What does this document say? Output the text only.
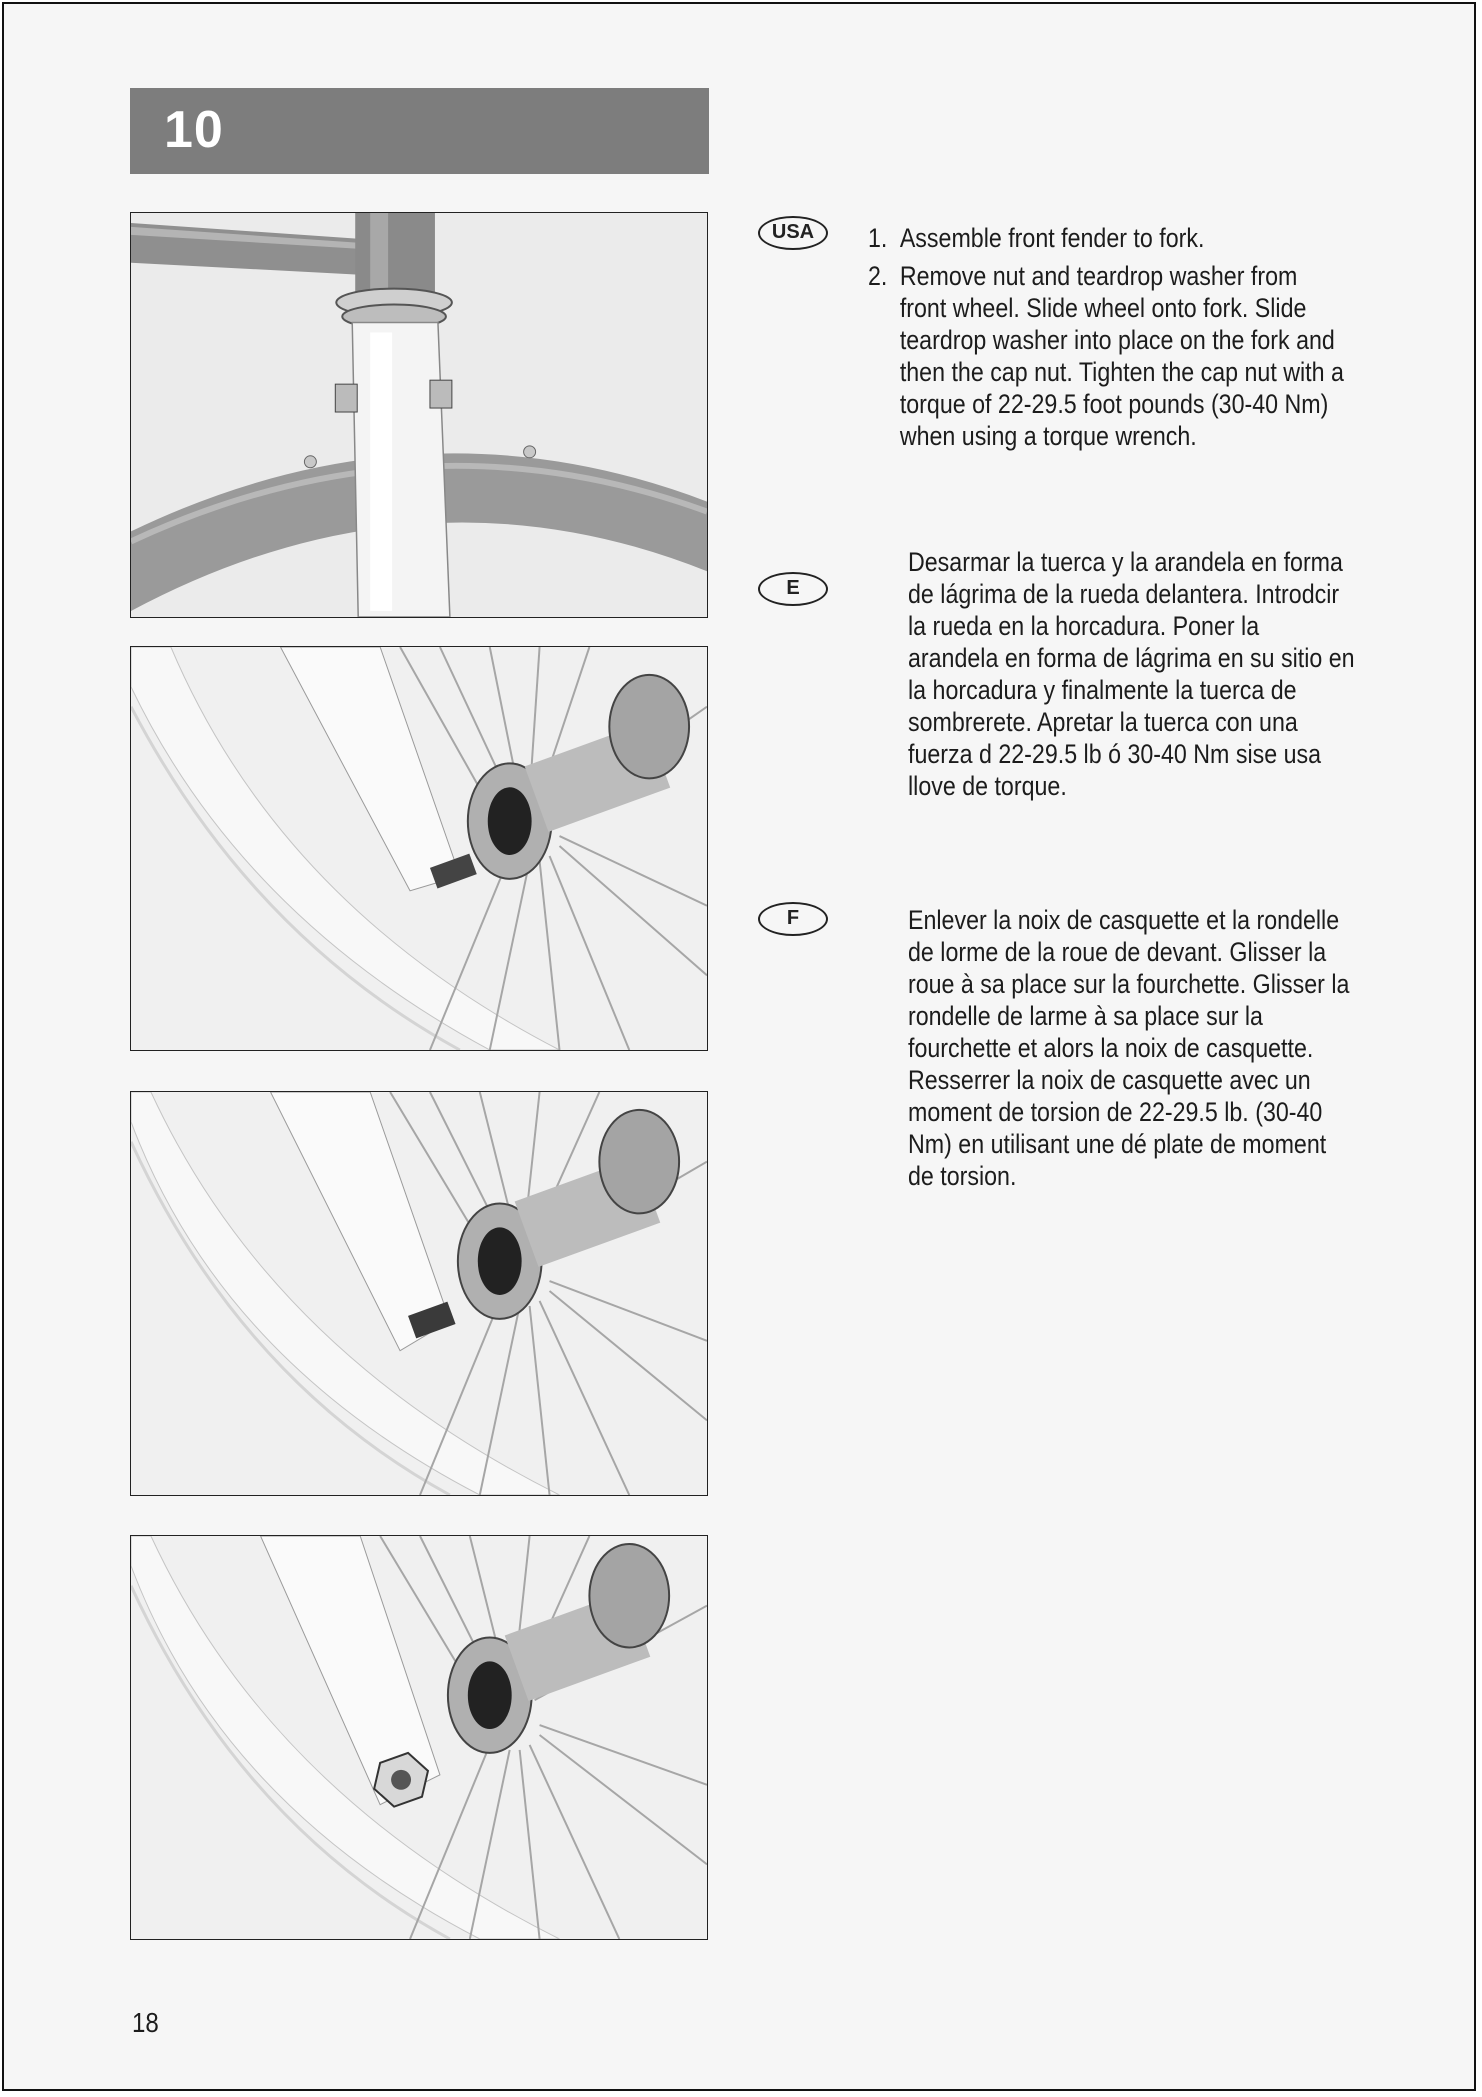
10
USA	1. Assemble front fender to fork.
2. Remove nut and teardrop washer from front wheel. Slide wheel onto fork. Slide teardrop washer into place on the fork and then the cap nut. Tighten the cap nut with a torque of 22-29.5 foot pounds (30-40 Nm) when using a torque wrench.
E
Desarmar la tuerca y la arandela en forma de lágrima de la rueda delantera. Introdcir la rueda en la horcadura. Poner la arandela en forma de lágrima en su sitio en la horcadura y finalmente la tuerca de sombrerete. Apretar la tuerca con una fuerza d 22-29.5 lb ó 30-40 Nm sise usa llove de torque.
F	Enlever la noix de casquette et la rondelle de lorme de la roue de devant. Glisser la roue à sa place sur la fourchette. Glisser la rondelle de larme à sa place sur la fourchette et alors la noix de casquette. Resserrer la noix de casquette avec un moment de torsion de 22-29.5 lb. (30-40 Nm) en utilisant une dé plate de moment de torsion.
18
